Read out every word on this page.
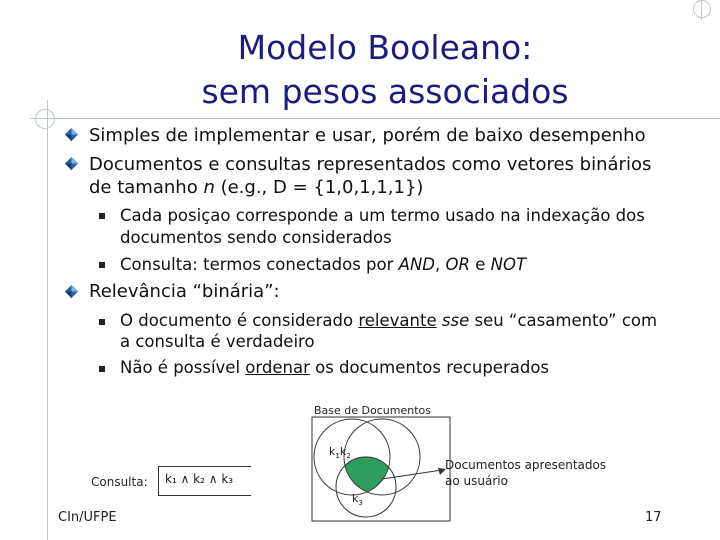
Modelo Booleano:
sem pesos associados
Simples de implementar e usar, porém de baixo desempenho
Documentos e consultas representados como vetores binários
de tamanho n (e.g., D = {1,0,1,1,1})
Cada posiçao corresponde a um termo usado na indexação dos
documentos sendo considerados
Consulta: termos conectados por AND, OR e NOT
Relevância “binária”:
O documento é considerado relevante sse seu “casamento” com
a consulta é verdadeiro
Não é possível ordenar os documentos recuperados
Base de Documentos
$k_1k_2$
$k_3$
Consulta: k₁ ∧ k₂ ∧ k₃
Documentos apresentados
ao usuário
CIn/UFPE	17
